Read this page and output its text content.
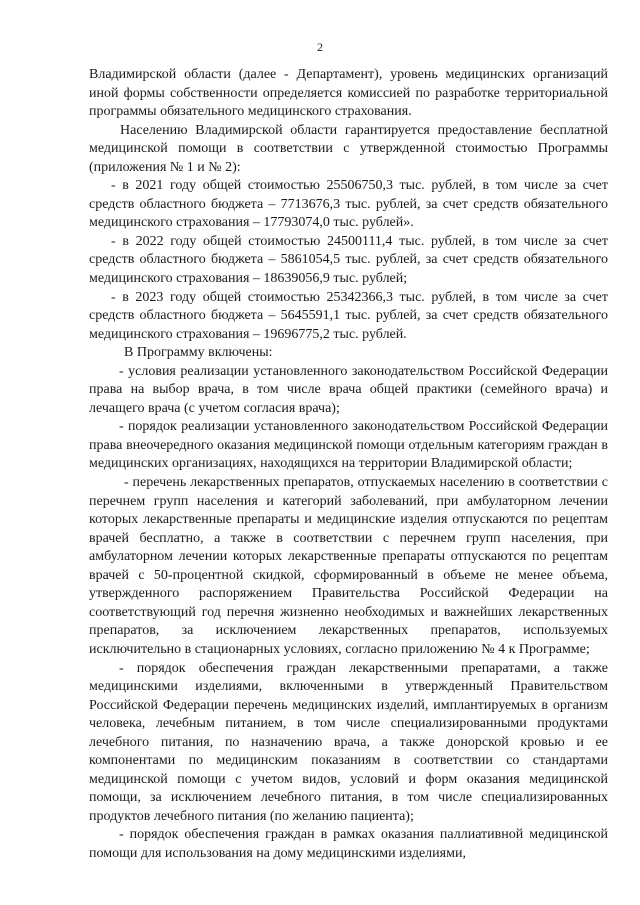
2

Владимирской области (далее - Департамент), уровень медицинских организаций иной формы собственности определяется комиссией по разработке территориальной программы обязательного медицинского страхования.

Населению Владимирской области гарантируется предоставление бесплатной медицинской помощи в соответствии с утвержденной стоимостью Программы (приложения № 1 и № 2):

- в 2021 году общей стоимостью 25506750,3 тыс. рублей, в том числе за счет средств областного бюджета – 7713676,3 тыс. рублей, за счет средств обязательного медицинского страхования – 17793074,0 тыс. рублей».

- в 2022 году общей стоимостью 24500111,4 тыс. рублей, в том числе за счет средств областного бюджета – 5861054,5 тыс. рублей, за счет средств обязательного медицинского страхования – 18639056,9 тыс. рублей;

- в 2023 году общей стоимостью 25342366,3 тыс. рублей, в том числе за счет средств областного бюджета – 5645591,1 тыс. рублей, за счет средств обязательного медицинского страхования – 19696775,2 тыс. рублей.

В Программу включены:

- условия реализации установленного законодательством Российской Федерации права на выбор врача, в том числе врача общей практики (семейного врача) и лечащего врача (с учетом согласия врача);

- порядок реализации установленного законодательством Российской Федерации права внеочередного оказания медицинской помощи отдельным категориям граждан в медицинских организациях, находящихся на территории Владимирской области;

- перечень лекарственных препаратов, отпускаемых населению в соответствии с перечнем групп населения и категорий заболеваний, при амбулаторном лечении которых лекарственные препараты и медицинские изделия отпускаются по рецептам врачей бесплатно, а также в соответствии с перечнем групп населения, при амбулаторном лечении которых лекарственные препараты отпускаются по рецептам врачей с 50-процентной скидкой, сформированный в объеме не менее объема, утвержденного распоряжением Правительства Российской Федерации на соответствующий год перечня жизненно необходимых и важнейших лекарственных препаратов, за исключением лекарственных препаратов, используемых исключительно в стационарных условиях, согласно приложению № 4 к Программе;

- порядок обеспечения граждан лекарственными препаратами, а также медицинскими изделиями, включенными в утвержденный Правительством Российской Федерации перечень медицинских изделий, имплантируемых в организм человека, лечебным питанием, в том числе специализированными продуктами лечебного питания, по назначению врача, а также донорской кровью и ее компонентами по медицинским показаниям в соответствии со стандартами медицинской помощи с учетом видов, условий и форм оказания медицинской помощи, за исключением лечебного питания, в том числе специализированных продуктов лечебного питания (по желанию пациента);

- порядок обеспечения граждан в рамках оказания паллиативной медицинской помощи для использования на дому медицинскими изделиями,
